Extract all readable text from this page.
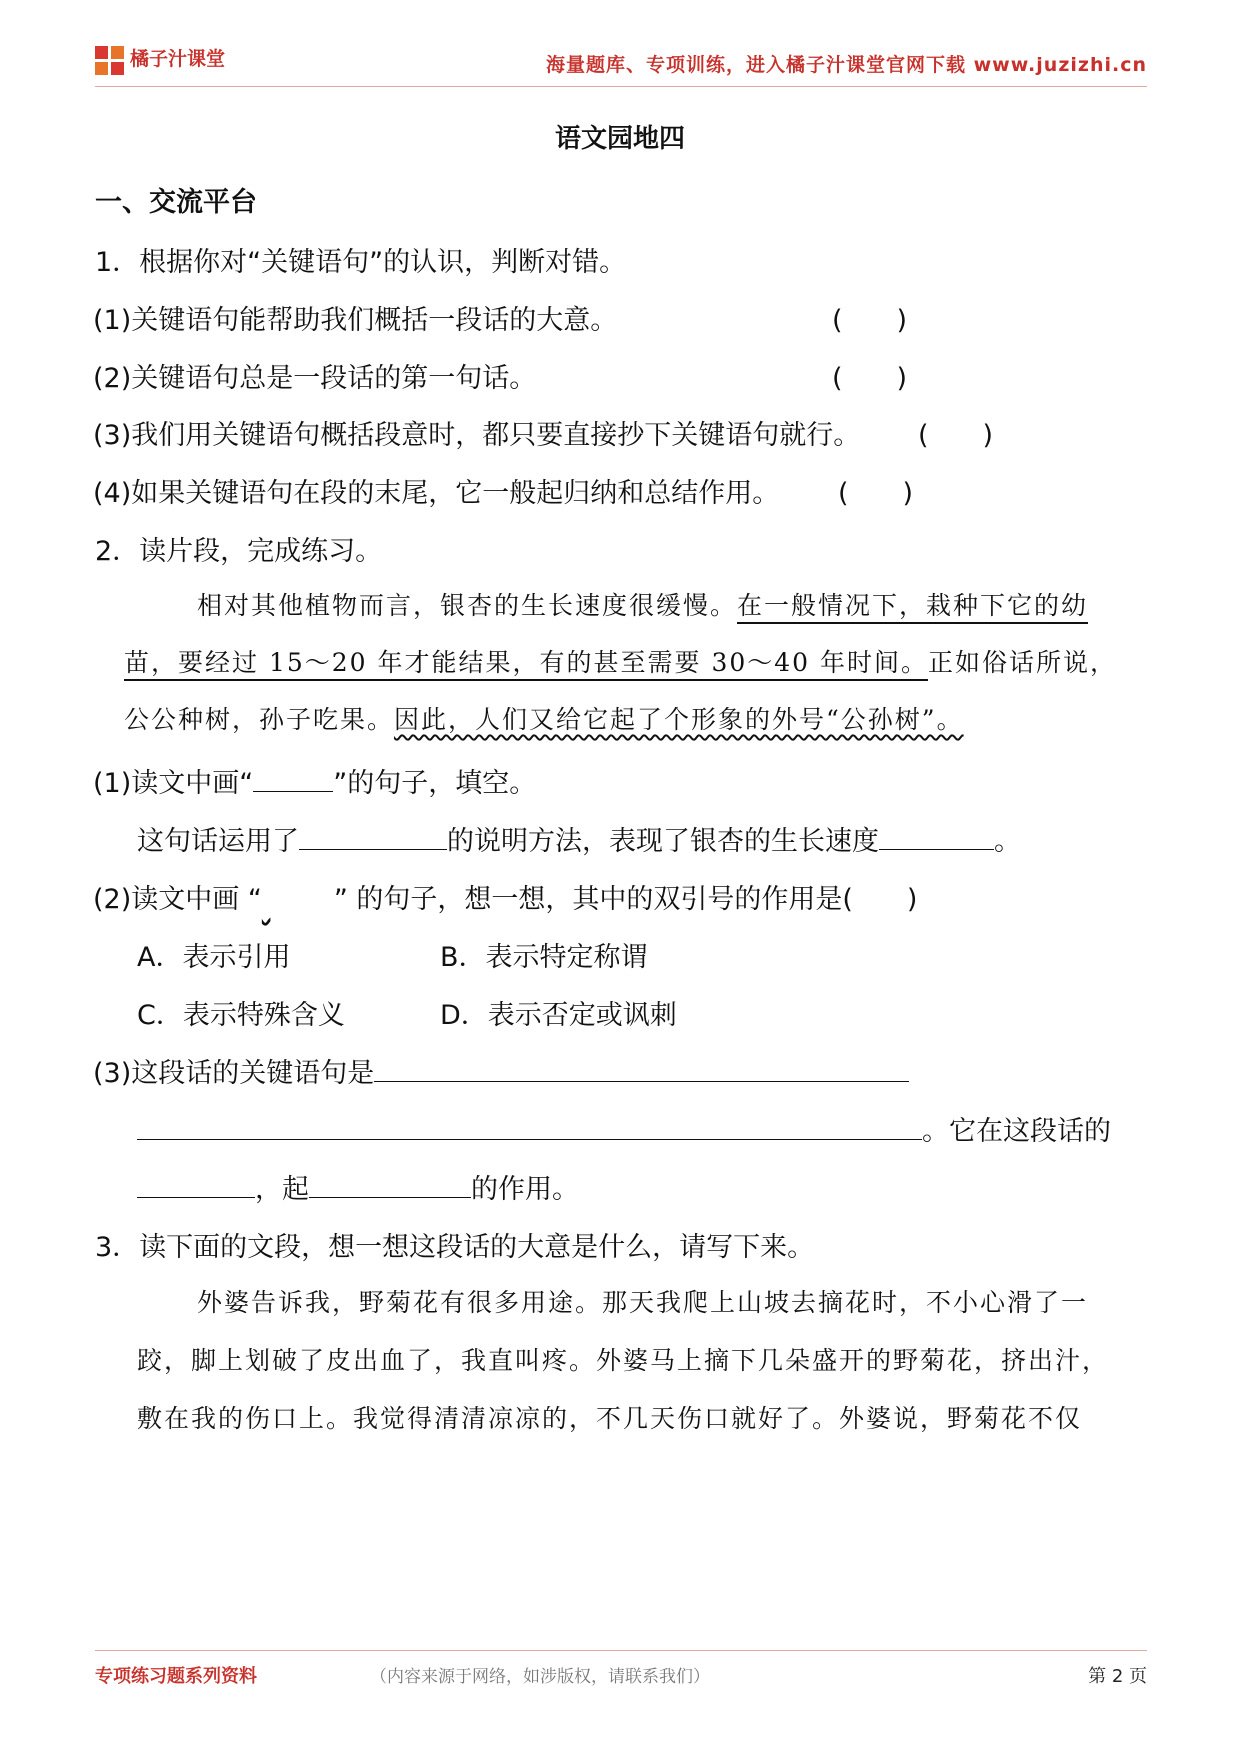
橘子汁课堂	海量题库、专项训练，进入橘子汁课堂官网下载 www.juzizhi.cn
语文园地四
一、交流平台
1．根据你对“关键语句”的认识，判断对错。
(1)关键语句能帮助我们概括一段话的大意。	(　　)
(2)关键语句总是一段话的第一句话。	(　　)
(3)我们用关键语句概括段意时，都只要直接抄下关键语句就行。 (　　)
(4)如果关键语句在段的末尾，它一般起归纳和总结作用。 (　　)
2．读片段，完成练习。
相对其他植物而言，银杏的生长速度很缓慢。在一般情况下，栽种下它的幼
苗，要经过 15～20 年才能结果，有的甚至需要 30～40 年时间。正如俗话所说，
公公种树，孙子吃果。因此，人们又给它起了个形象的外号“公孙树”。
(1)读文中画“	”的句子，填空。
这句话运用了	的说明方法，表现了银杏的生长速度	。
(2)读文中画 “	” 的句子，想一想，其中的双引号的作用是(　　)
A．表示引用	B．表示特定称谓
C．表示特殊含义	D．表示否定或讽刺
(3)这段话的关键语句是
。它在这段话的
，起	的作用。
3．读下面的文段，想一想这段话的大意是什么，请写下来。
外婆告诉我，野菊花有很多用途。那天我爬上山坡去摘花时，不小心滑了一
跤，脚上划破了皮出血了，我直叫疼。外婆马上摘下几朵盛开的野菊花，挤出汁，
敷在我的伤口上。我觉得清清凉凉的，不几天伤口就好了。外婆说，野菊花不仅
专项练习题系列资料	（内容来源于网络，如涉版权，请联系我们）	第 2 页
